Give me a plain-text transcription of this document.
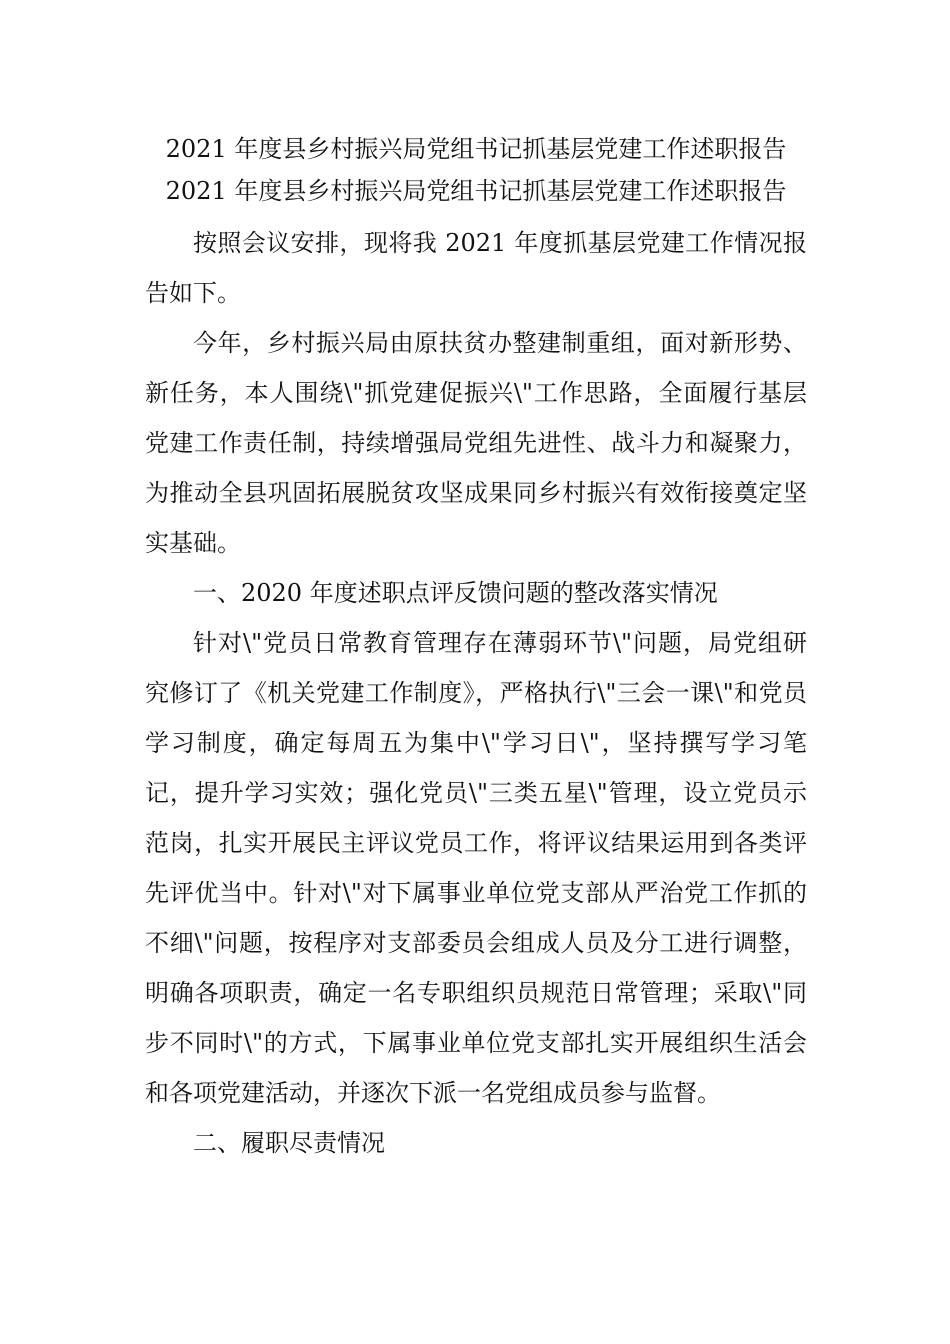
2021 年度县乡村振兴局党组书记抓基层党建工作述职报告

2021 年度县乡村振兴局党组书记抓基层党建工作述职报告

按照会议安排，现将我 2021 年度抓基层党建工作情况报告如下。

今年，乡村振兴局由原扶贫办整建制重组，面对新形势、新任务，本人围绕\"抓党建促振兴\"工作思路，全面履行基层党建工作责任制，持续增强局党组先进性、战斗力和凝聚力，为推动全县巩固拓展脱贫攻坚成果同乡村振兴有效衔接奠定坚实基础。

一、2020 年度述职点评反馈问题的整改落实情况

针对\"党员日常教育管理存在薄弱环节\"问题，局党组研究修订了《机关党建工作制度》，严格执行\"三会一课\"和党员学习制度，确定每周五为集中\"学习日\"，坚持撰写学习笔记，提升学习实效；强化党员\"三类五星\"管理，设立党员示范岗，扎实开展民主评议党员工作，将评议结果运用到各类评先评优当中。针对\"对下属事业单位党支部从严治党工作抓的不细\"问题，按程序对支部委员会组成人员及分工进行调整，明确各项职责，确定一名专职组织员规范日常管理；采取\"同步不同时\"的方式，下属事业单位党支部扎实开展组织生活会和各项党建活动，并逐次下派一名党组成员参与监督。

二、履职尽责情况
